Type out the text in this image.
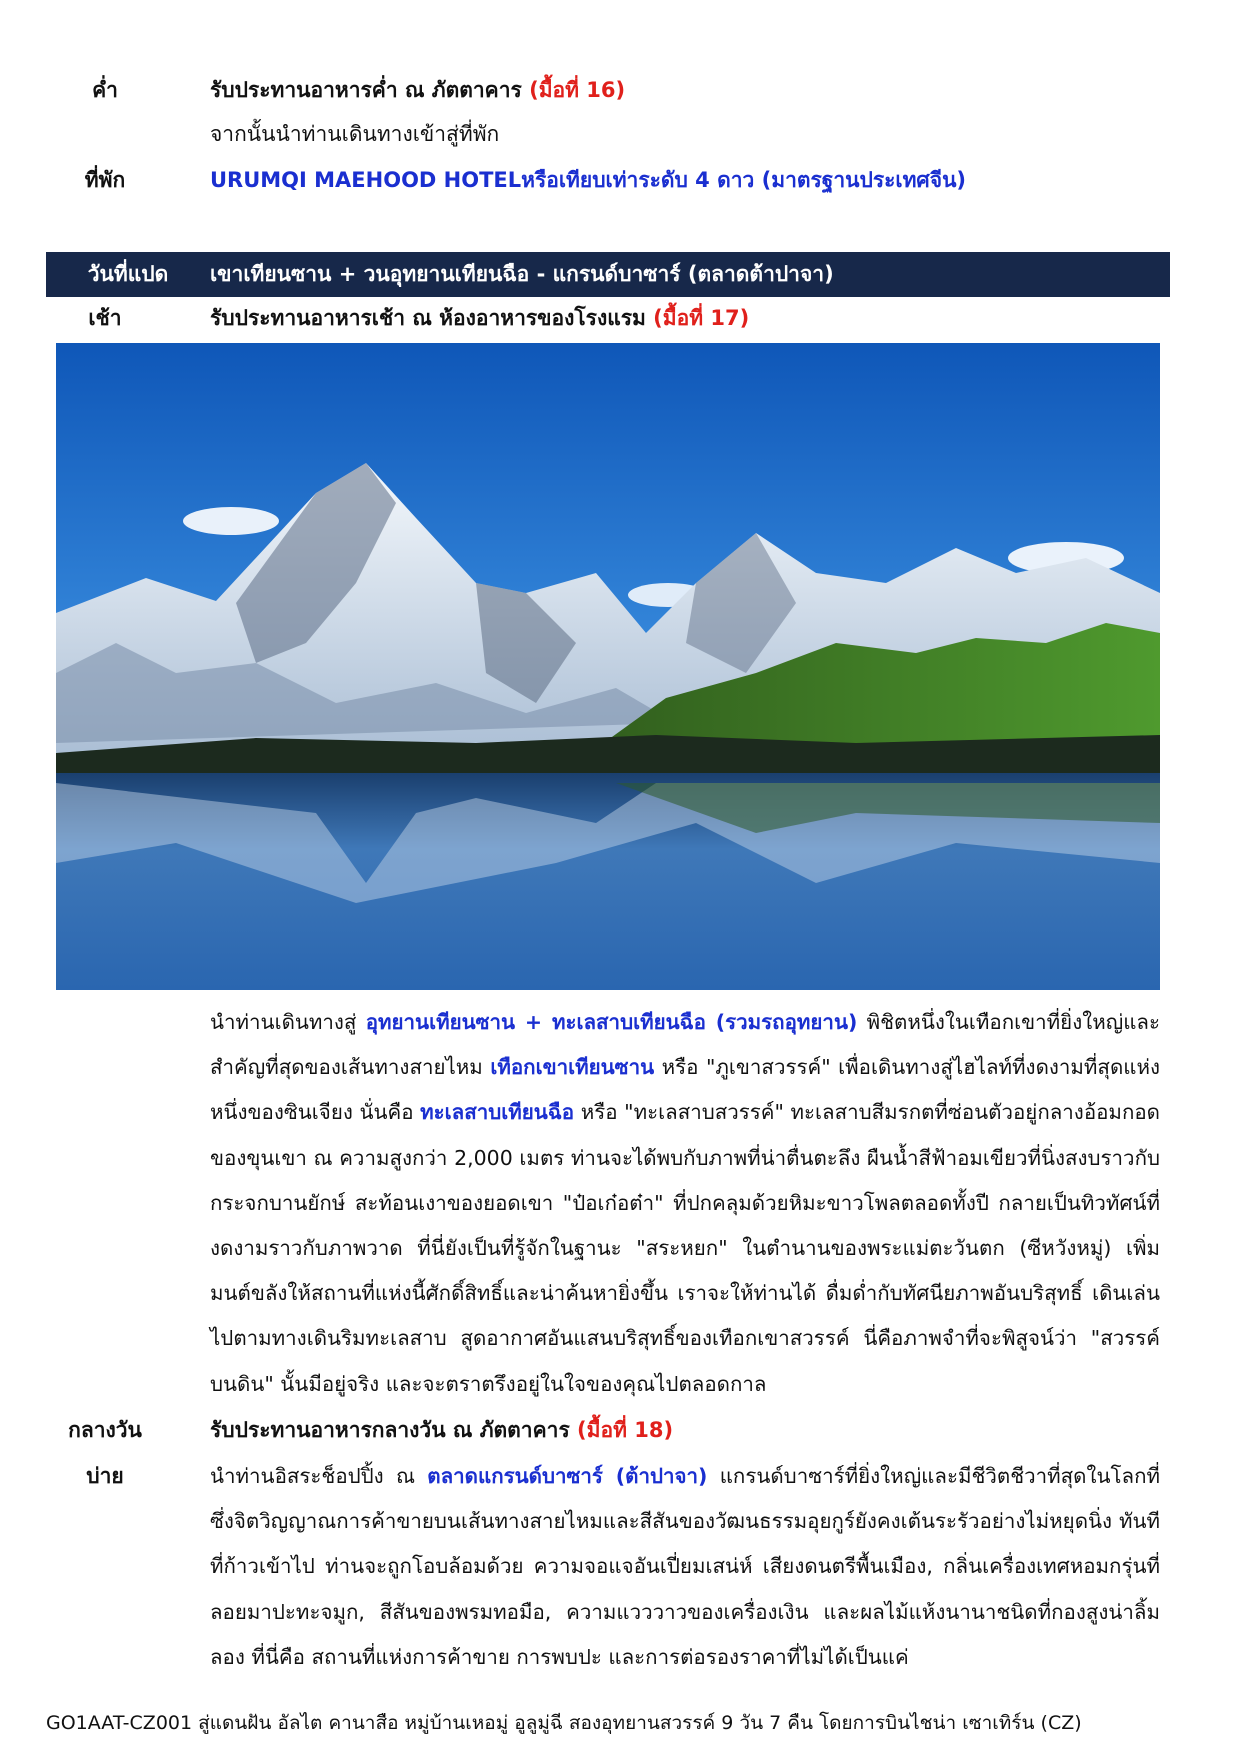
ค่ำ	รับประทานอาหารค่ำ ณ ภัตตาคาร (มื้อที่ 16)
จากนั้นนำท่านเดินทางเข้าสู่ที่พัก
ที่พัก	URUMQI MAEHOOD HOTELหรือเทียบเท่าระดับ 4 ดาว (มาตรฐานประเทศจีน)
วันที่แปด	เขาเทียนซาน + วนอุทยานเทียนฉือ - แกรนด์บาซาร์ (ตลาดต้าปาจา)
เช้า	รับประทานอาหารเช้า ณ ห้องอาหารของโรงแรม (มื้อที่ 17)
นำท่านเดินทางสู่ อุทยานเทียนซาน + ทะเลสาบเทียนฉือ (รวมรถอุทยาน) พิชิตหนึ่งในเทือกเขาที่ยิ่งใหญ่และสำคัญที่สุดของเส้นทางสายไหม เทือกเขาเทียนซาน หรือ "ภูเขาสวรรค์" เพื่อเดินทางสู่ไฮไลท์ที่งดงามที่สุดแห่งหนึ่งของซินเจียง นั่นคือ ทะเลสาบเทียนฉือ หรือ "ทะเลสาบสวรรค์" ทะเลสาบสีมรกตที่ซ่อนตัวอยู่กลางอ้อมกอดของขุนเขา ณ ความสูงกว่า 2,000 เมตร ท่านจะได้พบกับภาพที่น่าตื่นตะลึง ผืนน้ำสีฟ้าอมเขียวที่นิ่งสงบราวกับกระจกบานยักษ์ สะท้อนเงาของยอดเขา "ป๋อเก๋อต๋า" ที่ปกคลุมด้วยหิมะขาวโพลตลอดทั้งปี กลายเป็นทิวทัศน์ที่งดงามราวกับภาพวาด ที่นี่ยังเป็นที่รู้จักในฐานะ "สระหยก" ในตำนานของพระแม่ตะวันตก (ซีหวังหมู่) เพิ่มมนต์ขลังให้สถานที่แห่งนี้ศักดิ์สิทธิ์และน่าค้นหายิ่งขึ้น เราจะให้ท่านได้ ดื่มด่ำกับทัศนียภาพอันบริสุทธิ์ เดินเล่นไปตามทางเดินริมทะเลสาบ สูดอากาศอันแสนบริสุทธิ์ของเทือกเขาสวรรค์ นี่คือภาพจำที่จะพิสูจน์ว่า "สวรรค์บนดิน" นั้นมีอยู่จริง และจะตราตรึงอยู่ในใจของคุณไปตลอดกาล
กลางวัน	รับประทานอาหารกลางวัน ณ ภัตตาคาร (มื้อที่ 18)
บ่าย	นำท่านอิสระช็อปปิ้ง ณ ตลาดแกรนด์บาซาร์ (ต้าปาจา) แกรนด์บาซาร์ที่ยิ่งใหญ่และมีชีวิตชีวาที่สุดในโลกที่ซึ่งจิตวิญญาณการค้าขายบนเส้นทางสายไหมและสีสันของวัฒนธรรมอุยกูร์ยังคงเต้นระรัวอย่างไม่หยุดนิ่ง ทันทีที่ก้าวเข้าไป ท่านจะถูกโอบล้อมด้วย ความจอแจอันเปี่ยมเสน่ห์ เสียงดนตรีพื้นเมือง, กลิ่นเครื่องเทศหอมกรุ่นที่ลอยมาปะทะจมูก, สีสันของพรมทอมือ, ความแวววาวของเครื่องเงิน และผลไม้แห้งนานาชนิดที่กองสูงน่าลิ้มลอง ที่นี่คือ สถานที่แห่งการค้าขาย การพบปะ และการต่อรองราคาที่ไม่ได้เป็นแค่
GO1AAT-CZ001 สู่แดนฝัน อัลไต คานาสือ หมู่บ้านเหอมู่ อูลูมู่ฉี สองอุทยานสวรรค์ 9 วัน 7 คืน โดยการบินไชน่า เซาเทิร์น (CZ)
